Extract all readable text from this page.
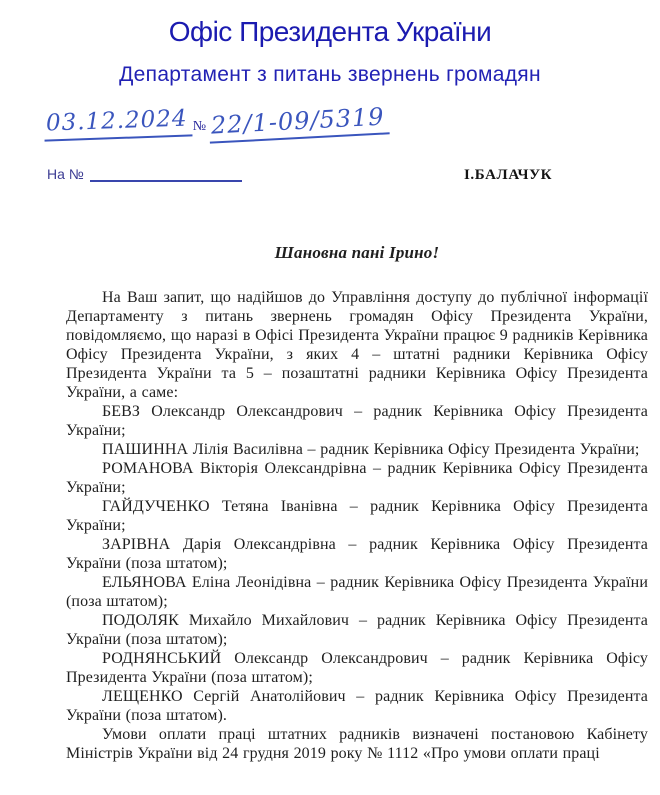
Офіс Президента України
Департамент з питань звернень громадян
03.12.2024 № 22/1-09/5319
На №	І.БАЛАЧУК

Шановна пані Ірино!

На Ваш запит, що надійшов до Управління доступу до публічної інформації Департаменту з питань звернень громадян Офісу Президента України, повідомляємо, що наразі в Офісі Президента України працює 9 радників Керівника Офісу Президента України, з яких 4 – штатні радники Керівника Офісу Президента України та 5 – позаштатні радники Керівника Офісу Президента України, а саме:

БЕВЗ Олександр Олександрович – радник Керівника Офісу Президента України;

ПАШИННА Лілія Василівна – радник Керівника Офісу Президента України;

РОМАНОВА Вікторія Олександрівна – радник Керівника Офісу Президента України;

ГАЙДУЧЕНКО Тетяна Іванівна – радник Керівника Офісу Президента України;

ЗАРІВНА Дарія Олександрівна – радник Керівника Офісу Президента України (поза штатом);

ЕЛЬЯНОВА Еліна Леонідівна – радник Керівника Офісу Президента України (поза штатом);

ПОДОЛЯК Михайло Михайлович – радник Керівника Офісу Президента України (поза штатом);

РОДНЯНСЬКИЙ Олександр Олександрович – радник Керівника Офісу Президента України (поза штатом);

ЛЕЩЕНКО Сергій Анатолійович – радник Керівника Офісу Президента України (поза штатом).

Умови оплати праці штатних радників визначені постановою Кабінету Міністрів України від 24 грудня 2019 року № 1112 «Про умови оплати праці
